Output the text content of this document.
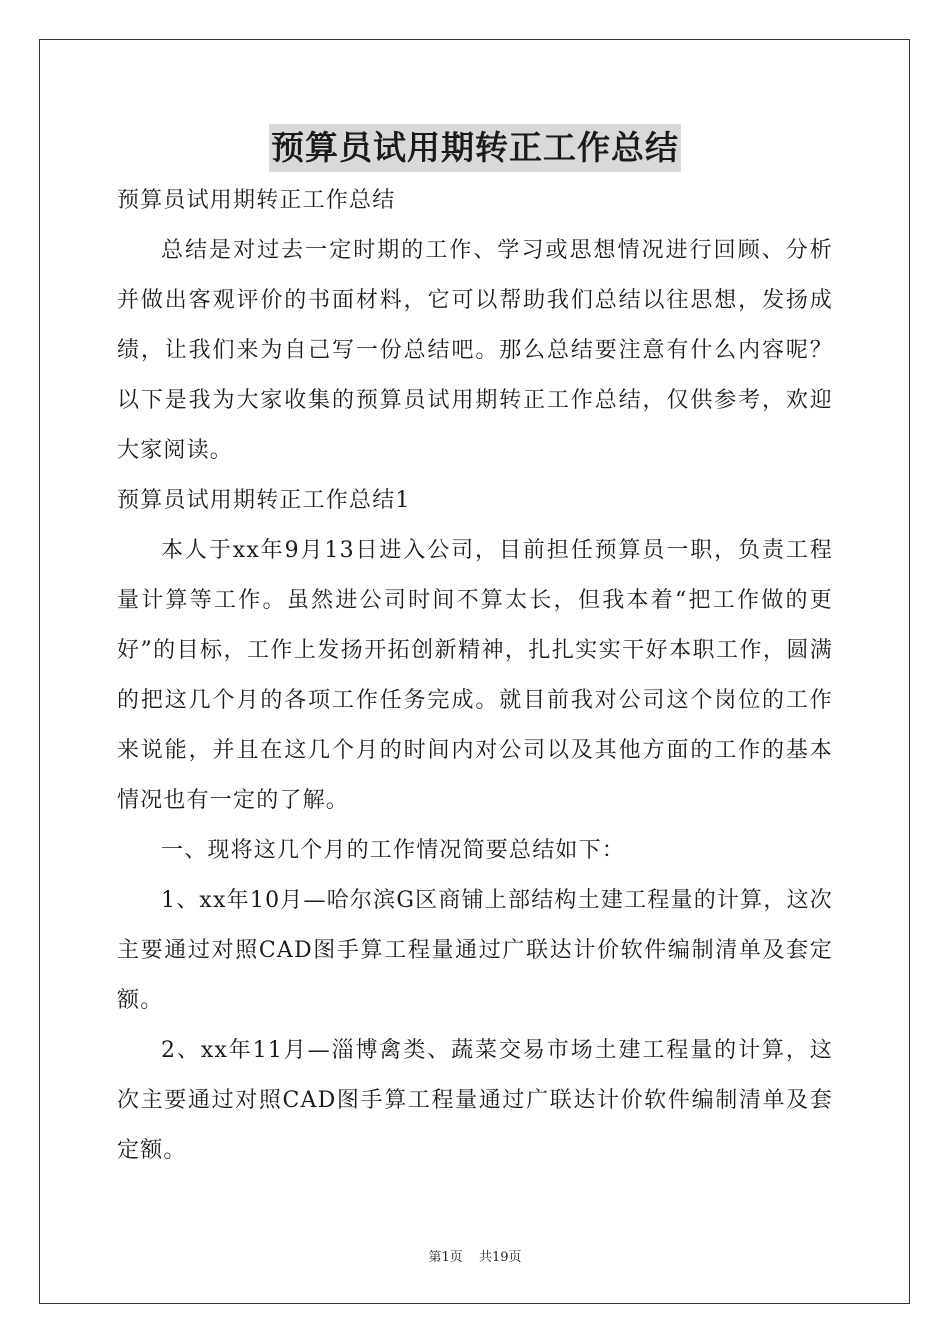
预算员试用期转正工作总结

预算员试用期转正工作总结

总结是对过去一定时期的工作、学习或思想情况进行回顾、分析并做出客观评价的书面材料，它可以帮助我们总结以往思想，发扬成绩，让我们来为自己写一份总结吧。那么总结要注意有什么内容呢？以下是我为大家收集的预算员试用期转正工作总结，仅供参考，欢迎大家阅读。

预算员试用期转正工作总结1

本人于xx年9月13日进入公司，目前担任预算员一职，负责工程量计算等工作。虽然进公司时间不算太长，但我本着“把工作做的更好”的目标，工作上发扬开拓创新精神，扎扎实实干好本职工作，圆满的把这几个月的各项工作任务完成。就目前我对公司这个岗位的工作来说能，并且在这几个月的时间内对公司以及其他方面的工作的基本情况也有一定的了解。

一、现将这几个月的工作情况简要总结如下：

1、xx年10月—哈尔滨G区商铺上部结构土建工程量的计算，这次主要通过对照CAD图手算工程量通过广联达计价软件编制清单及套定额。

2、xx年11月—淄博禽类、蔬菜交易市场土建工程量的计算，这次主要通过对照CAD图手算工程量通过广联达计价软件编制清单及套定额。

第1页 共19页
